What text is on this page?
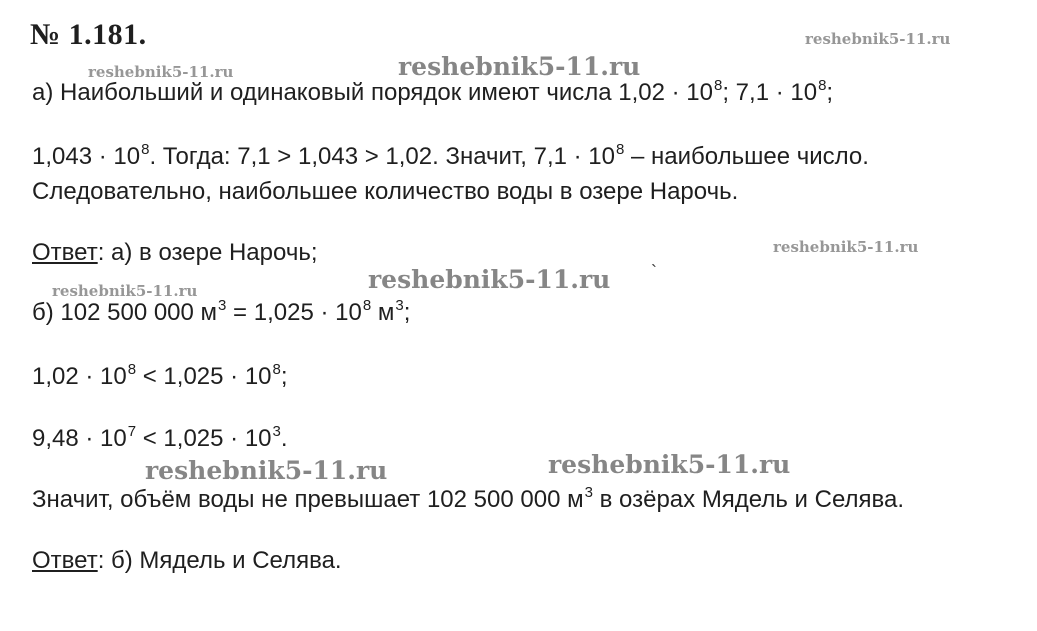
№ 1.181.	reshebnik5-11.ru
reshebnik5-11.ru	reshebnik5-11.ru
reshebnik5-11.ru
reshebnik5-11.ru
reshebnik5-11.ru
reshebnik5-11.ru	reshebnik5-11.ru
`
а) Наибольший и одинаковый порядок имеют числа $1,02 \cdot 10^8$; $7,1 \cdot 10^8$;
$1,043 \cdot 10^8$. Тогда: 7,1 > 1,043 > 1,02. Значит, $7,1 \cdot 10^8$ – наибольшее число.
Следовательно, наибольшее количество воды в озере Нарочь.
Ответ: а) в озере Нарочь;
б) 102 500 000 $м^3 = 1,025 \cdot 10^8$ $м^3$;
$1,02 \cdot 10^8 < 1,025 \cdot 10^8$;
$9,48 \cdot 10^7 < 1,025 \cdot 10^3$.
Значит, объём воды не превышает 102 500 000 $м^3$ в озёрах Мядель и Селява.
Ответ: б) Мядель и Селява.
